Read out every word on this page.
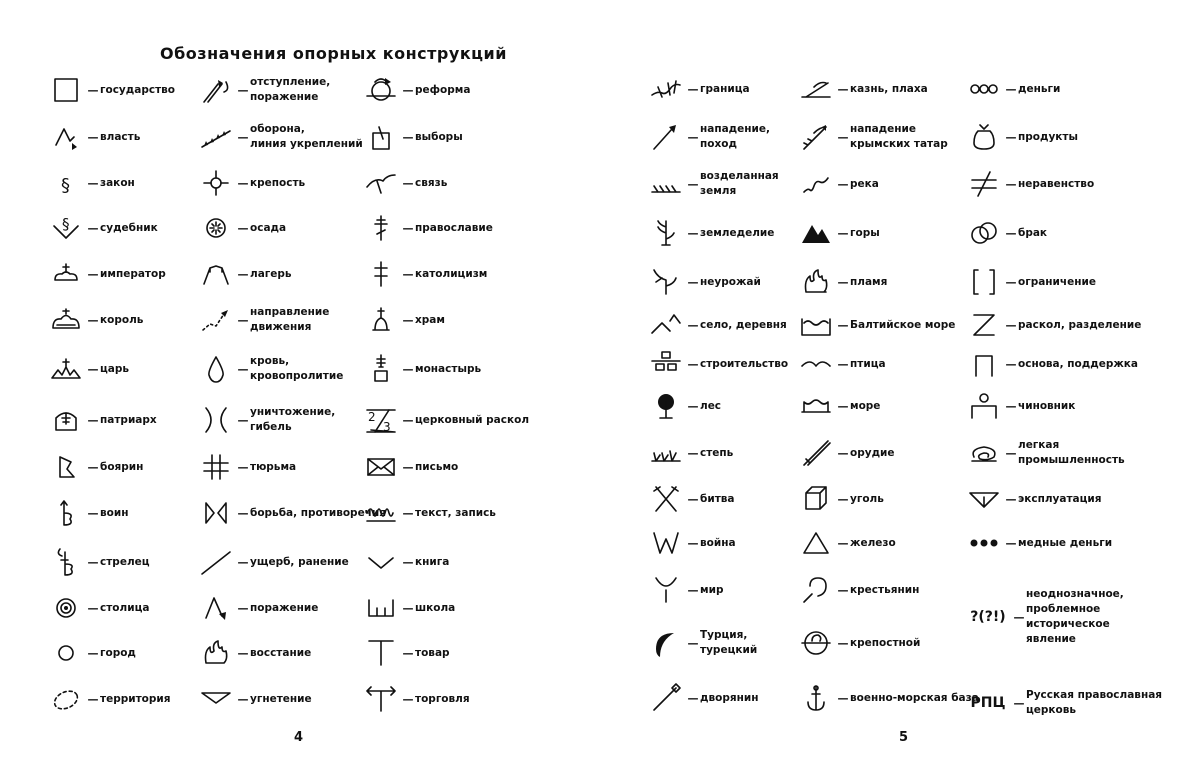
Обозначения опорных конструкций
4	5
— государство
— власть
§ — закон
§ — судебник
— император
— король
— царь
— патриарх
— боярин
— воин
— стрелец
— столица
— город
— территория
—
отступление,
поражение
—
оборона,
линия укреплений
— крепость
— осада
— лагерь
—
направление
движения
—
кровь,
кровопролитие
—
уничтожение,
гибель
— тюрьма
— борьба, противоречия
— ущерб, ранение
— поражение
— восстание
— угнетение
— реформа
— выборы
— связь
— православие
— католицизм
— храм
— монастырь
2
3 — церковный раскол
— письмо
— текст, запись
— книга
— школа
— товар
— торговля
— граница
—
нападение,
поход
—
возделанная
земля
— земледелие
— неурожай
— село, деревня
— строительство
— лес
— степь
— битва
— война
— мир
—
Турция,
турецкий
— дворянин
— казнь, плаха
—
нападение
крымских татар
— река
— горы
— пламя
— Балтийское море
— птица
— море
— орудие
— уголь
— железо
— крестьянин
— крепостной
— военно-морская база
— деньги
— продукты
— неравенство
— брак
— ограничение
— раскол, разделение
— основа, поддержка
— чиновник
—
легкая промышленность
— эксплуатация
— медные деньги
?(?!) —
неоднозначное,
проблемное историческое
явление
РПЦ —
Русская православная
церковь
